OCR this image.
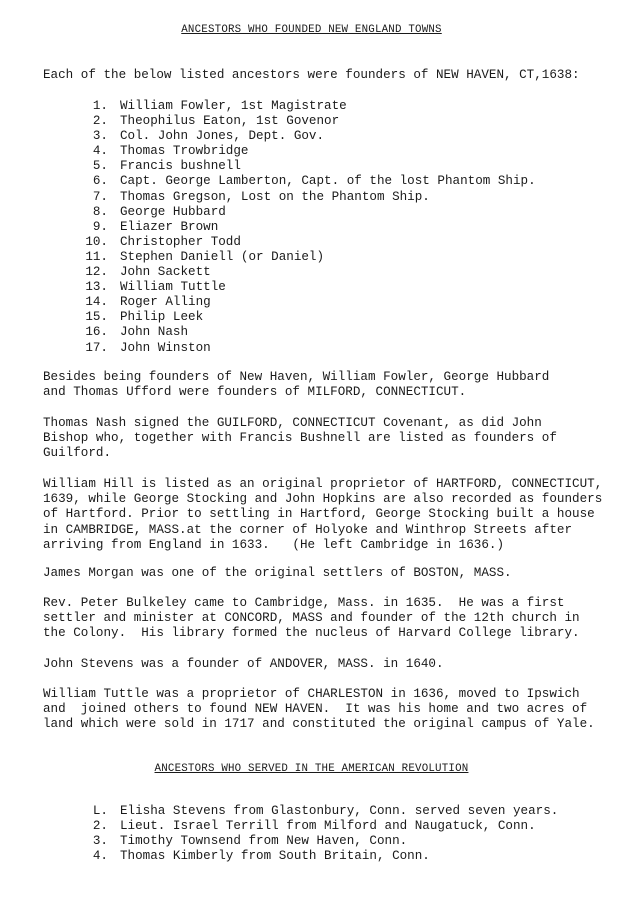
ANCESTORS WHO FOUNDED NEW ENGLAND TOWNS
Each of the below listed ancestors were founders of NEW HAVEN, CT,1638:
1. William Fowler, 1st Magistrate
2. Theophilus Eaton, 1st Govenor
3. Col. John Jones, Dept. Gov.
4. Thomas Trowbridge
5. Francis bushnell
6. Capt. George Lamberton, Capt. of the lost Phantom Ship.
7. Thomas Gregson, Lost on the Phantom Ship.
8. George Hubbard
9. Eliazer Brown
10. Christopher Todd
11. Stephen Daniell (or Daniel)
12. John Sackett
13. William Tuttle
14. Roger Alling
15. Philip Leek
16. John Nash
17. John Winston
Besides being founders of New Haven, William Fowler, George Hubbard
and Thomas Ufford were founders of MILFORD, CONNECTICUT.
Thomas Nash signed the GUILFORD, CONNECTICUT Covenant, as did John
Bishop who, together with Francis Bushnell are listed as founders of
Guilford.
William Hill is listed as an original proprietor of HARTFORD, CONNECTICUT,
1639, while George Stocking and John Hopkins are also recorded as founders
of Hartford. Prior to settling in Hartford, George Stocking built a house
in CAMBRIDGE, MASS.at the corner of Holyoke and Winthrop Streets after
arriving from England in 1633.   (He left Cambridge in 1636.)
James Morgan was one of the original settlers of BOSTON, MASS.
Rev. Peter Bulkeley came to Cambridge, Mass. in 1635.  He was a first
settler and minister at CONCORD, MASS and founder of the 12th church in
the Colony.  His library formed the nucleus of Harvard College library.
John Stevens was a founder of ANDOVER, MASS. in 1640.
William Tuttle was a proprietor of CHARLESTON in 1636, moved to Ipswich
and  joined others to found NEW HAVEN.  It was his home and two acres of
land which were sold in 1717 and constituted the original campus of Yale.
ANCESTORS WHO SERVED IN THE AMERICAN REVOLUTION
L. Elisha Stevens from Glastonbury, Conn. served seven years.
2. Lieut. Israel Terrill from Milford and Naugatuck, Conn.
3. Timothy Townsend from New Haven, Conn.
4. Thomas Kimberly from South Britain, Conn.
